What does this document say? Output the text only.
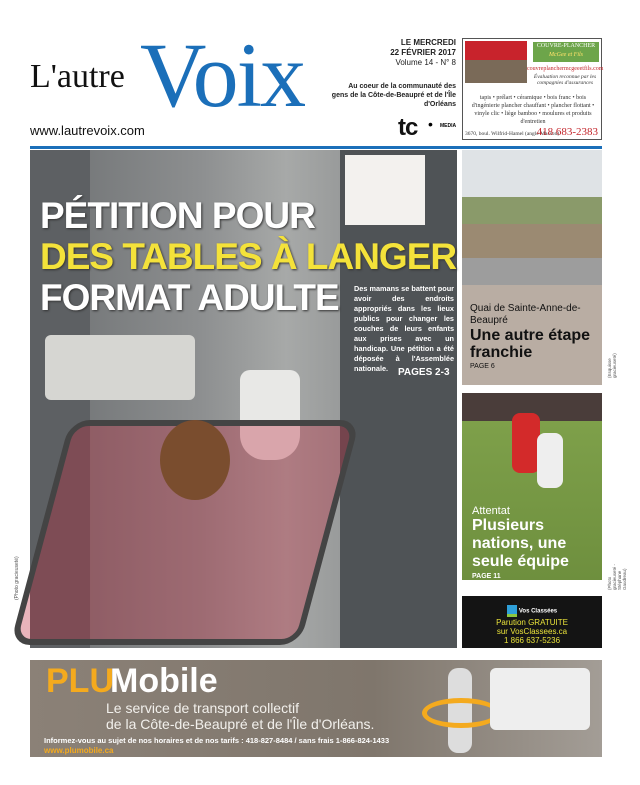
L'autre Voix
www.lautrevoix.com
LE MERCREDI
22 FÉVRIER 2017
Volume 14 - N° 8
Au coeur de la communauté des gens de la Côte-de-Beaupré et de l'Île d'Orléans
tc • MEDIA
COUVRE-PLANCHER
McGee et Fils
couvreplanchermcgeeetfils.com
Évaluation reconnue par les compagnies d'assurances
tapis • prélart • céramique • bois franc • bois d'ingénierie plancher chauffant • plancher flottant • vinyle clic • liège bamboo • moulures et produits d'entretien
3670, boul. Wilfrid-Hamel (angle Masson)
418 683-2383
PÉTITION POUR
DES TABLES À LANGER
FORMAT ADULTE Des mamans se battent pour avoir des endroits appropriés dans les lieux publics pour changer les couches de leurs enfants aux prises avec un handicap. Une pétition a été déposée à l'Assemblée nationale. PAGES 2-3
(Photo gracieuseté)
Quai de Sainte-Anne-de-Beaupré
Une autre étape franchie
PAGE 6	(Esquisse gracieuseté)
Attentat
Plusieurs nations, une seule équipe
PAGE 11
(Photo gracieuseté - Stéphane Gaudreau)
Vos Classées
Parution GRATUITE
sur VosClassees.ca
1 866 637-5236
PLU
Mobile
Le service de transport collectif
de la Côte-de-Beaupré et de l'Île d'Orléans.
Informez-vous au sujet de nos horaires et de nos tarifs : 418-827-8484 / sans frais 1-866-824-1433
www.plumobile.ca
